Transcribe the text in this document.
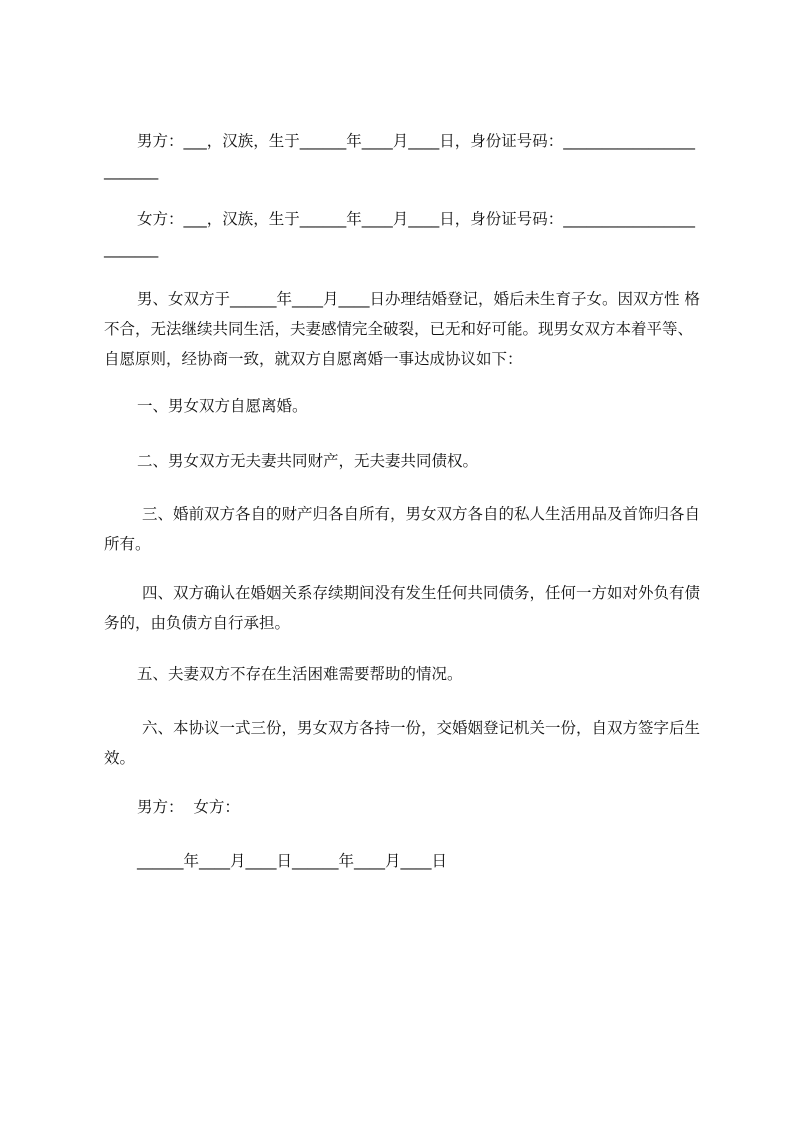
男方：___，汉族，生于______年____月____日，身份证号码：________________________

女方：___，汉族，生于______年____月____日，身份证号码：________________________

男、女双方于______年____月____日办理结婚登记，婚后未生育子女。因双方性 格不合，无法继续共同生活，夫妻感情完全破裂，已无和好可能。现男女双方本着平等、自愿原则，经协商一致，就双方自愿离婚一事达成协议如下：

一、男女双方自愿离婚。

二、男女双方无夫妻共同财产，无夫妻共同债权。

三、婚前双方各自的财产归各自所有，男女双方各自的私人生活用品及首饰归各自所有。

四、双方确认在婚姻关系存续期间没有发生任何共同债务，任何一方如对外负有债务的，由负债方自行承担。

五、夫妻双方不存在生活困难需要帮助的情况。

六、本协议一式三份，男女双方各持一份，交婚姻登记机关一份，自双方签字后生效。

男方：  女方：

______年____月____日______年____月____日
